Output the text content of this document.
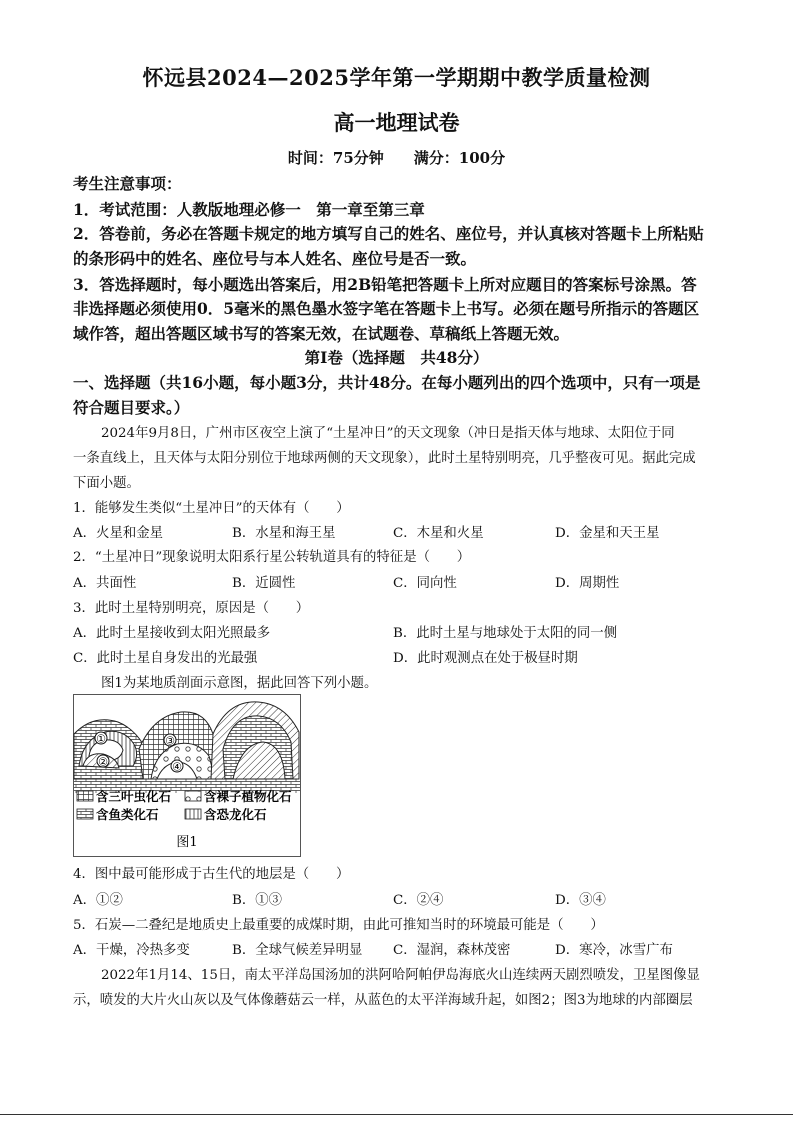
怀远县2024—2025学年第一学期期中教学质量检测
高一地理试卷
时间：75分钟　　满分：100分
考生注意事项：
1．考试范围：人教版地理必修一　第一章至第三章
2．答卷前，务必在答题卡规定的地方填写自己的姓名、座位号，并认真核对答题卡上所粘贴
的条形码中的姓名、座位号与本人姓名、座位号是否一致。
3．答选择题时，每小题选出答案后，用2B铅笔把答题卡上所对应题目的答案标号涂黑。答
非选择题必须使用0．5毫米的黑色墨水签字笔在答题卡上书写。必须在题号所指示的答题区
域作答，超出答题区域书写的答案无效，在试题卷、草稿纸上答题无效。
第Ⅰ卷（选择题　共48分）
一、选择题（共16小题，每小题3分，共计48分。在每小题列出的四个选项中，只有一项是
符合题目要求。）
2024年9月8日，广州市区夜空上演了“土星冲日”的天文现象（冲日是指天体与地球、太阳位于同
一条直线上，且天体与太阳分别位于地球两侧的天文现象），此时土星特别明亮，几乎整夜可见。据此完成
下面小题。
1．能够发生类似“土星冲日”的天体有（　　）
A．火星和金星	B．水星和海王星	C．木星和火星	D．金星和天王星
2．“土星冲日”现象说明太阳系行星公转轨道具有的特征是（　　）
A．共面性	B．近圆性	C．同向性	D．周期性
3．此时土星特别明亮，原因是（　　）
A．此时土星接收到太阳光照最多	B．此时土星与地球处于太阳的同一侧
C．此时土星自身发出的光最强	D．此时观测点在处于极昼时期
图1为某地质剖面示意图，据此回答下列小题。
①
②
③
④
含三叶虫化石	含裸子植物化石
含鱼类化石	含恐龙化石
图1
4．图中最可能形成于古生代的地层是（　　）
A．①②	B．①③	C．②④	D．③④
5．石炭—二叠纪是地质史上最重要的成煤时期，由此可推知当时的环境最可能是（　　）
A．干燥，冷热多变	B．全球气候差异明显 C．湿润，森林茂密	D．寒冷，冰雪广布
2022年1月14、15日，南太平洋岛国汤加的洪阿哈阿帕伊岛海底火山连续两天剧烈喷发，卫星图像显
示，喷发的大片火山灰以及气体像蘑菇云一样，从蓝色的太平洋海域升起，如图2；图3为地球的内部圈层
